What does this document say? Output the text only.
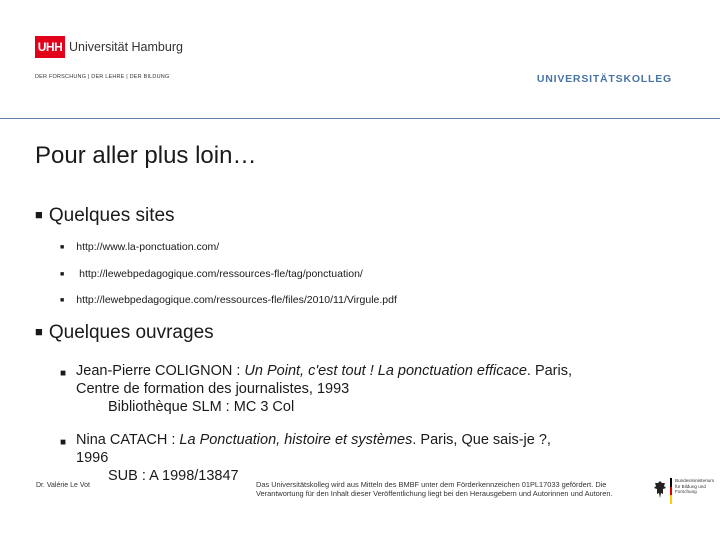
UHH Universität Hamburg
DER FORSCHUNG | DER LEHRE | DER BILDUNG	UNIVERSITÄTSKOLLEG
Pour aller plus loin…
■ Quelques sites
■ http://www.la-ponctuation.com/
■ http://lewebpedagogique.com/ressources-fle/tag/ponctuation/
■ http://lewebpedagogique.com/ressources-fle/files/2010/11/Virgule.pdf
■ Quelques ouvrages
■ Jean-Pierre COLIGNON : Un Point, c'est tout ! La ponctuation efficace. Paris,
Centre de formation des journalistes, 1993
Bibliothèque SLM : MC 3 Col
■ Nina CATACH : La Ponctuation, histoire et systèmes. Paris, Que sais-je ?,
1996
SUB : A 1998/13847
Dr. Valérie Le Vot	Das Universitätskolleg wird aus Mitteln des BMBF unter dem Förderkennzeichen 01PL17033 gefördert. Die Verantwortung für den Inhalt dieser Veröffentlichung liegt bei den Herausgebern und Autorinnen und Autoren.
Bundesministerium für Bildung und Forschung
